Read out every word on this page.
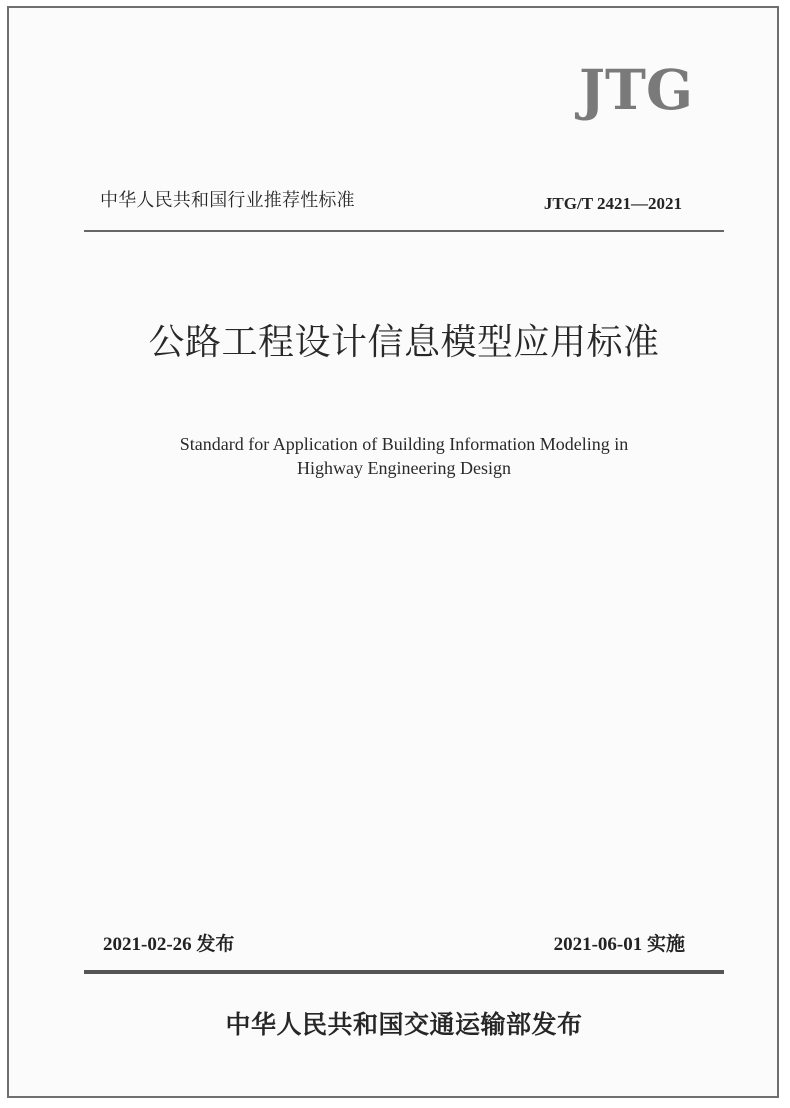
JTG
中华人民共和国行业推荐性标准	JTG/T 2421—2021
公路工程设计信息模型应用标准
Standard for Application of Building Information Modeling in
Highway Engineering Design
2021-02-26 发布	2021-06-01 实施
中华人民共和国交通运输部发布
